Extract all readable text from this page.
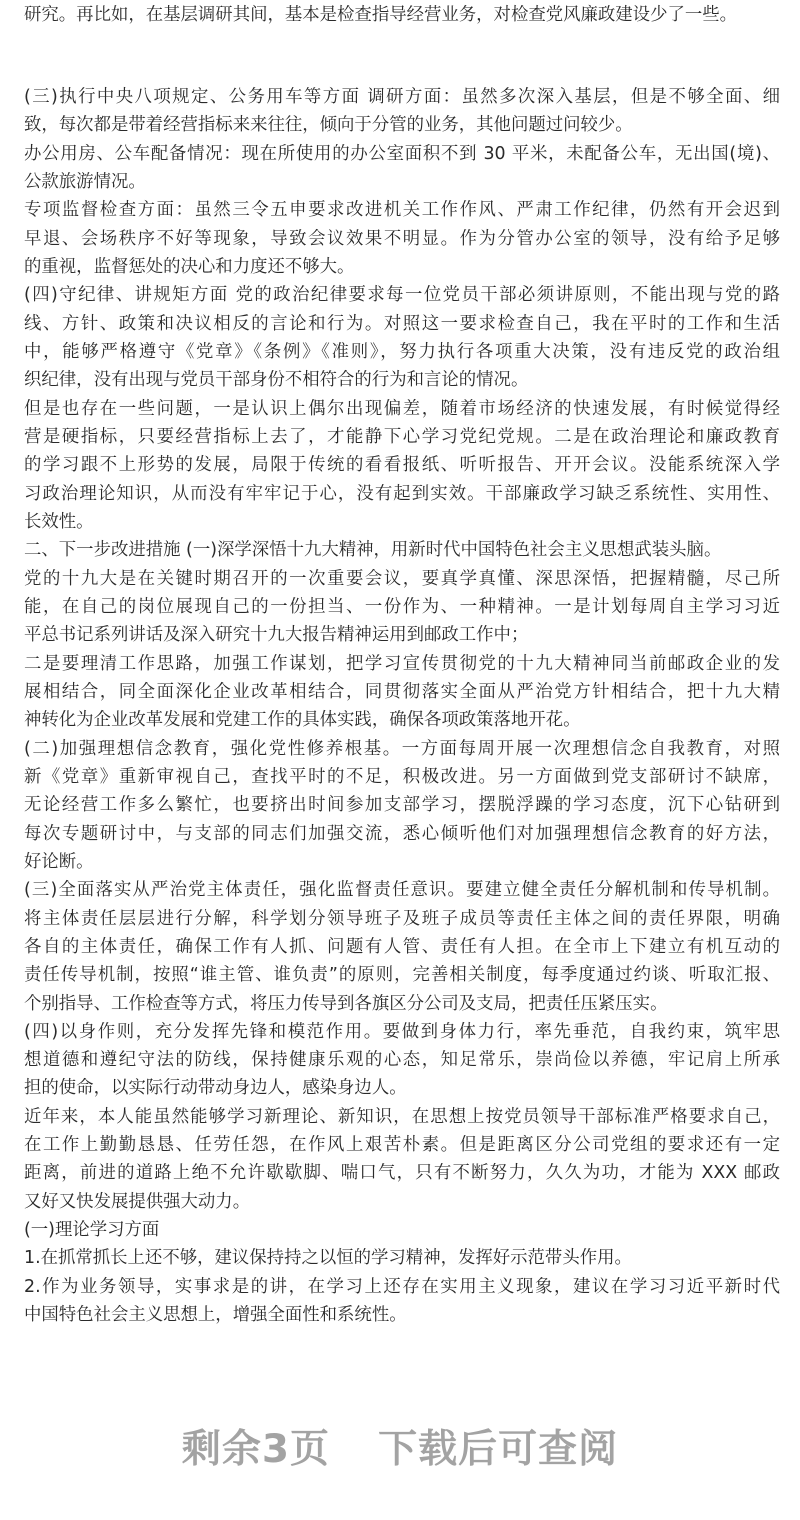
研究。再比如，在基层调研其间，基本是检查指导经营业务，对检查党风廉政建设少了一些。
(三)执行中央八项规定、公务用车等方面 调研方面：虽然多次深入基层，但是不够全面、细
致，每次都是带着经营指标来来往往，倾向于分管的业务，其他问题过问较少。
办公用房、公车配备情况：现在所使用的办公室面积不到 30 平米，未配备公车，无出国(境)、
公款旅游情况。
专项监督检查方面：虽然三令五申要求改进机关工作作风、严肃工作纪律，仍然有开会迟到
早退、会场秩序不好等现象，导致会议效果不明显。作为分管办公室的领导，没有给予足够
的重视，监督惩处的决心和力度还不够大。
(四)守纪律、讲规矩方面 党的政治纪律要求每一位党员干部必须讲原则，不能出现与党的路
线、方针、政策和决议相反的言论和行为。对照这一要求检查自己，我在平时的工作和生活
中，能够严格遵守《党章》《条例》《准则》，努力执行各项重大决策，没有违反党的政治组
织纪律，没有出现与党员干部身份不相符合的行为和言论的情况。
但是也存在一些问题，一是认识上偶尔出现偏差，随着市场经济的快速发展，有时候觉得经
营是硬指标，只要经营指标上去了，才能静下心学习党纪党规。二是在政治理论和廉政教育
的学习跟不上形势的发展，局限于传统的看看报纸、听听报告、开开会议。没能系统深入学
习政治理论知识，从而没有牢牢记于心，没有起到实效。干部廉政学习缺乏系统性、实用性、
长效性。
二、下一步改进措施 (一)深学深悟十九大精神，用新时代中国特色社会主义思想武装头脑。
党的十九大是在关键时期召开的一次重要会议，要真学真懂、深思深悟，把握精髓，尽己所
能，在自己的岗位展现自己的一份担当、一份作为、一种精神。一是计划每周自主学习习近
平总书记系列讲话及深入研究十九大报告精神运用到邮政工作中；
二是要理清工作思路，加强工作谋划，把学习宣传贯彻党的十九大精神同当前邮政企业的发
展相结合，同全面深化企业改革相结合，同贯彻落实全面从严治党方针相结合，把十九大精
神转化为企业改革发展和党建工作的具体实践，确保各项政策落地开花。
(二)加强理想信念教育，强化党性修养根基。一方面每周开展一次理想信念自我教育，对照
新《党章》重新审视自己，查找平时的不足，积极改进。另一方面做到党支部研讨不缺席，
无论经营工作多么繁忙，也要挤出时间参加支部学习，摆脱浮躁的学习态度，沉下心钻研到
每次专题研讨中，与支部的同志们加强交流，悉心倾听他们对加强理想信念教育的好方法，
好论断。
(三)全面落实从严治党主体责任，强化监督责任意识。要建立健全责任分解机制和传导机制。
将主体责任层层进行分解，科学划分领导班子及班子成员等责任主体之间的责任界限，明确
各自的主体责任，确保工作有人抓、问题有人管、责任有人担。在全市上下建立有机互动的
责任传导机制，按照“谁主管、谁负责”的原则，完善相关制度，每季度通过约谈、听取汇报、
个别指导、工作检查等方式，将压力传导到各旗区分公司及支局，把责任压紧压实。
(四)以身作则，充分发挥先锋和模范作用。要做到身体力行，率先垂范，自我约束，筑牢思
想道德和遵纪守法的防线，保持健康乐观的心态，知足常乐，崇尚俭以养德，牢记肩上所承
担的使命，以实际行动带动身边人，感染身边人。
近年来，本人能虽然能够学习新理论、新知识，在思想上按党员领导干部标准严格要求自己，
在工作上勤勤恳恳、任劳任怨，在作风上艰苦朴素。但是距离区分公司党组的要求还有一定
距离，前进的道路上绝不允许歇歇脚、喘口气，只有不断努力，久久为功，才能为 XXX 邮政
又好又快发展提供强大动力。
(一)理论学习方面
1.在抓常抓长上还不够，建议保持持之以恒的学习精神，发挥好示范带头作用。
2.作为业务领导，实事求是的讲，在学习上还存在实用主义现象，建议在学习习近平新时代
中国特色社会主义思想上，增强全面性和系统性。
剩余3页 下载后可查阅
